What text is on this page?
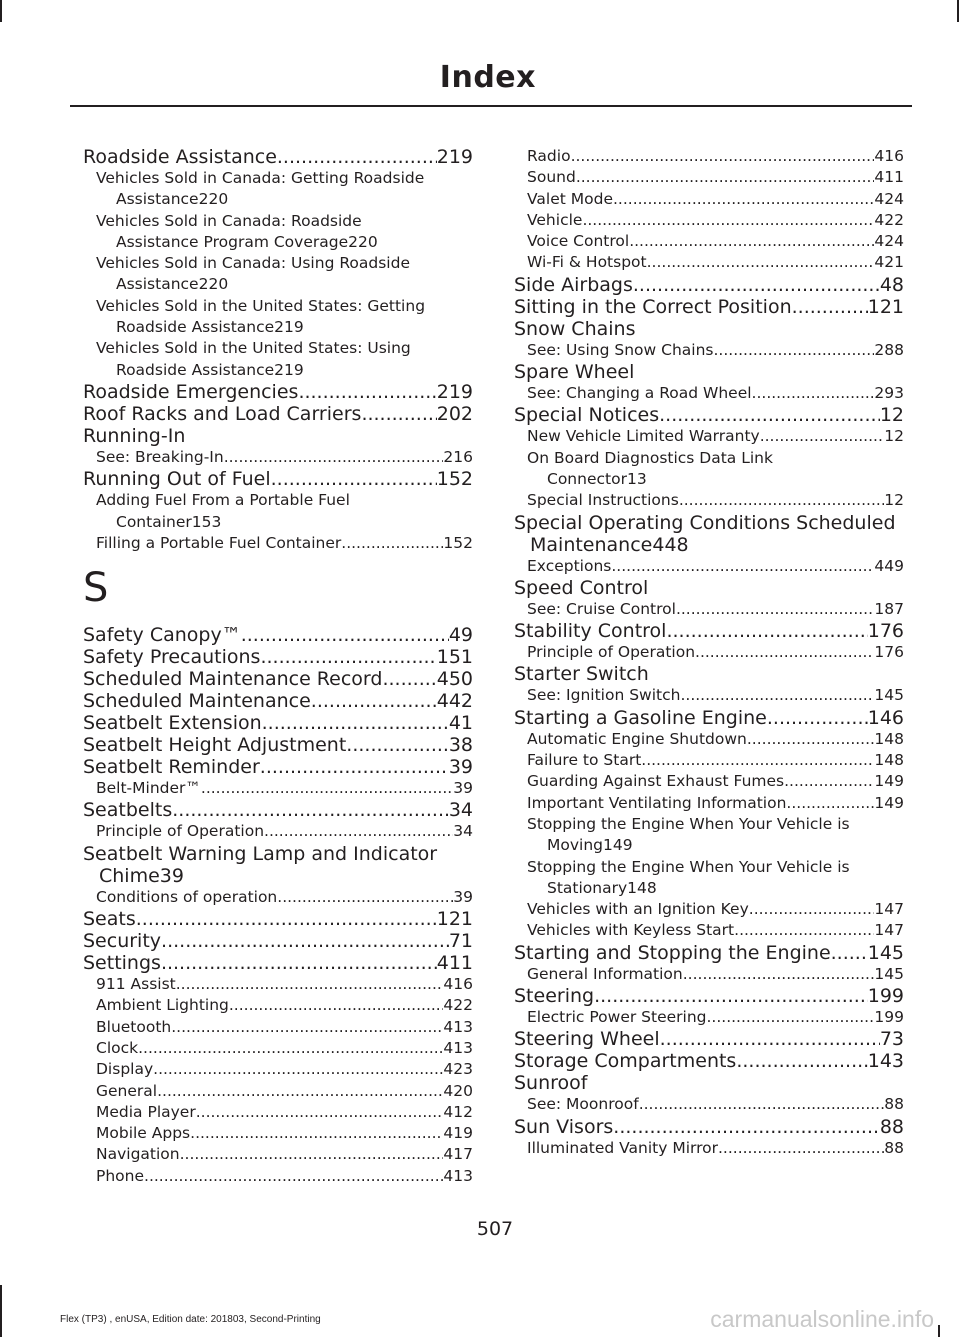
Index
Roadside Assistance .....	219
Vehicles Sold in Canada: Getting Roadside
Assistance 220
Vehicles Sold in Canada: Roadside
Assistance Program Coverage 220
Vehicles Sold in Canada: Using Roadside
Assistance 220
Vehicles Sold in the United States: Getting
Roadside Assistance 219
Vehicles Sold in the United States: Using
Roadside Assistance 219
Roadside Emergencies .....	219
Roof Racks and Load Carriers .....	202
Running-In
See: Breaking-In .....	216
Running Out of Fuel .....	152
Adding Fuel From a Portable Fuel
Container 153
Filling a Portable Fuel Container .....	152
S
Safety Canopy™ .....	49
Safety Precautions .....	151
Scheduled Maintenance Record .....	450
Scheduled Maintenance .....	442
Seatbelt Extension .....	41
Seatbelt Height Adjustment .....	38
Seatbelt Reminder .....	39
Belt-Minder™ .....	39
Seatbelts .....	34
Principle of Operation .....	34
Seatbelt Warning Lamp and Indicator
Chime 39
Conditions of operation .....	39
Seats .....	121
Security .....	71
Settings .....	411
911 Assist .....	416
Ambient Lighting .....	422
Bluetooth .....	413
Clock .....	413
Display .....	423
General .....	420
Media Player .....	412
Mobile Apps .....	419
Navigation .....	417
Phone .....	413
Radio .....	416
Sound .....	411
Valet Mode .....	424
Vehicle .....	422
Voice Control .....	424
Wi-Fi & Hotspot .....	421
Side Airbags .....	48
Sitting in the Correct Position .....	121
Snow Chains
See: Using Snow Chains .....	288
Spare Wheel
See: Changing a Road Wheel .....	293
Special Notices .....	12
New Vehicle Limited Warranty .....	12
On Board Diagnostics Data Link
Connector 13
Special Instructions .....	12
Special Operating Conditions Scheduled
Maintenance 448
Exceptions .....	449
Speed Control
See: Cruise Control .....	187
Stability Control .....	176
Principle of Operation .....	176
Starter Switch
See: Ignition Switch .....	145
Starting a Gasoline Engine .....	146
Automatic Engine Shutdown .....	148
Failure to Start .....	148
Guarding Against Exhaust Fumes .....	149
Important Ventilating Information .....	149
Stopping the Engine When Your Vehicle is
Moving 149
Stopping the Engine When Your Vehicle is
Stationary 148
Vehicles with an Ignition Key .....	147
Vehicles with Keyless Start .....	147
Starting and Stopping the Engine ..... 145
General Information .....	145
Steering .....	199
Electric Power Steering .....	199
Steering Wheel .....	73
Storage Compartments .....	143
Sunroof
See: Moonroof .....	88
Sun Visors .....	88
Illuminated Vanity Mirror .....	88
507
Flex (TP3) , enUSA, Edition date: 201803, Second-Printing	carmanualsonline.info
